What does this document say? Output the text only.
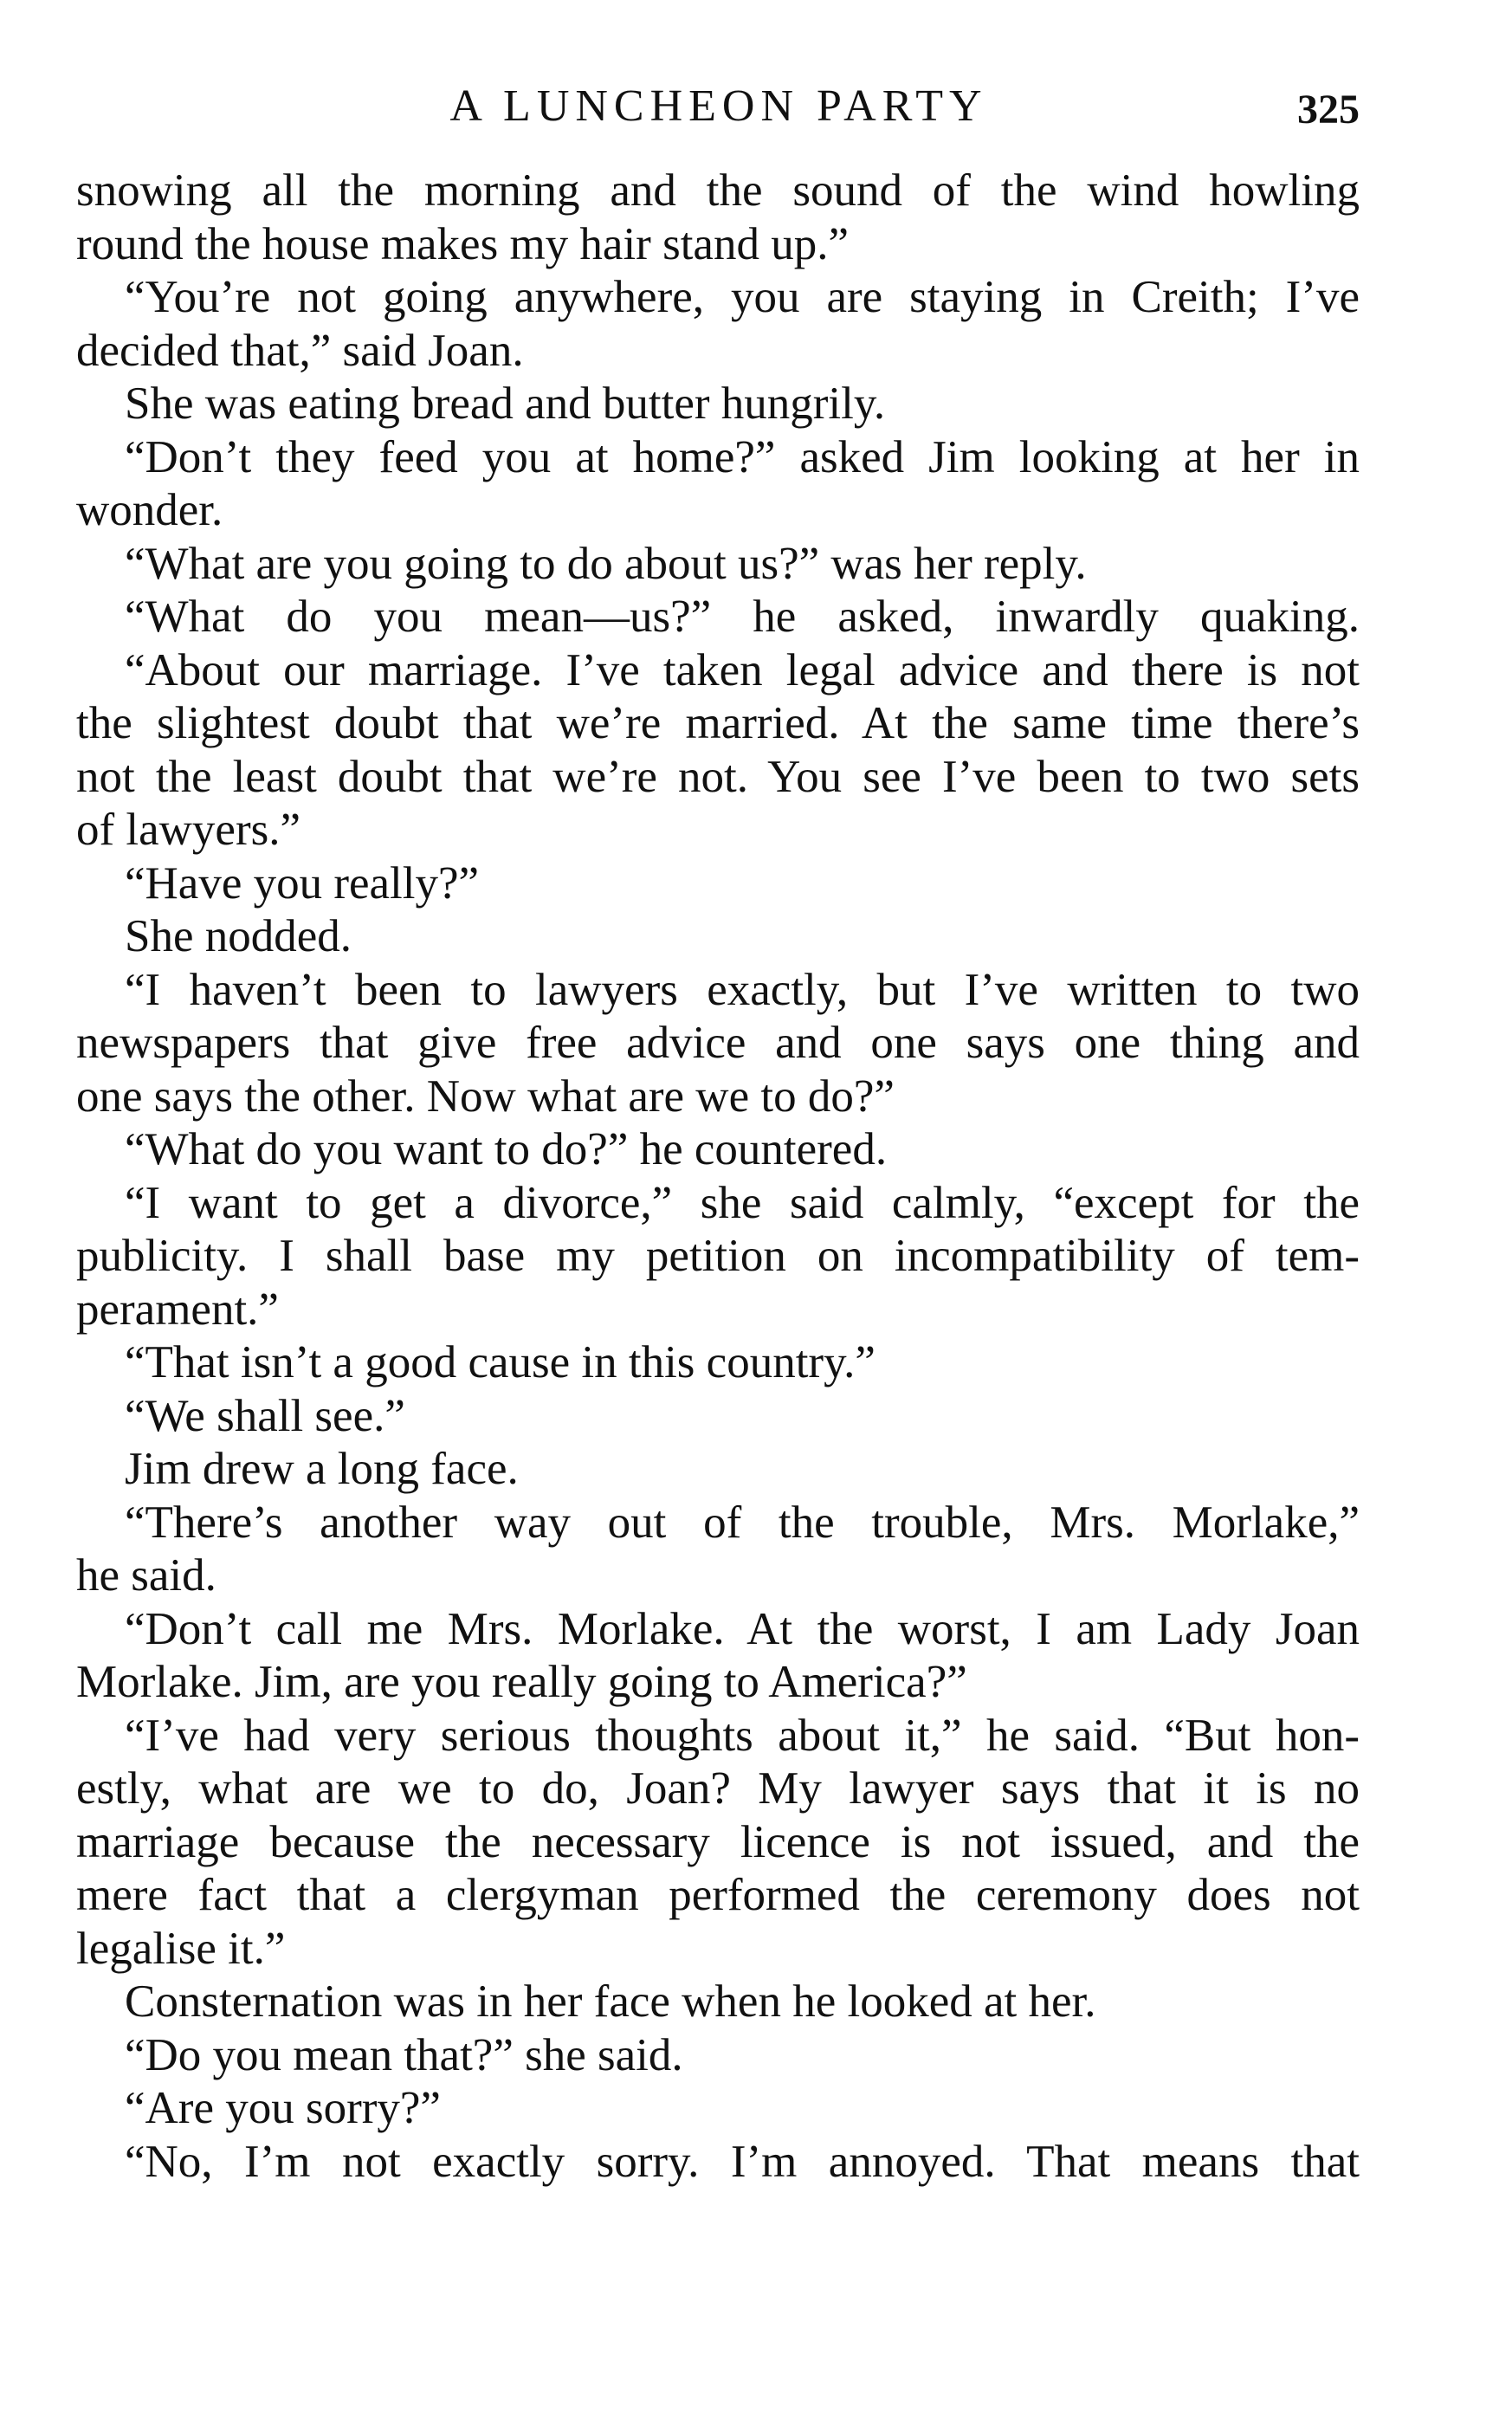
A LUNCHEON PARTY	325
snowing all the morning and the sound of the wind howling
round the house makes my hair stand up.”
“You’re not going anywhere, you are staying in Creith; I’ve
decided that,” said Joan.
She was eating bread and butter hungrily.
“Don’t they feed you at home?” asked Jim looking at her in
wonder.
“What are you going to do about us?” was her reply.
“What do you mean—us?” he asked, inwardly quaking.
“About our marriage. I’ve taken legal advice and there is not
the slightest doubt that we’re married. At the same time there’s
not the least doubt that we’re not. You see I’ve been to two sets
of lawyers.”
“Have you really?”
She nodded.
“I haven’t been to lawyers exactly, but I’ve written to two
newspapers that give free advice and one says one thing and
one says the other. Now what are we to do?”
“What do you want to do?” he countered.
“I want to get a divorce,” she said calmly, “except for the
publicity. I shall base my petition on incompatibility of tem-
perament.”
“That isn’t a good cause in this country.”
“We shall see.”
Jim drew a long face.
“There’s another way out of the trouble, Mrs. Morlake,”
he said.
“Don’t call me Mrs. Morlake. At the worst, I am Lady Joan
Morlake. Jim, are you really going to America?”
“I’ve had very serious thoughts about it,” he said. “But hon-
estly, what are we to do, Joan? My lawyer says that it is no
marriage because the necessary licence is not issued, and the
mere fact that a clergyman performed the ceremony does not
legalise it.”
Consternation was in her face when he looked at her.
“Do you mean that?” she said.
“Are you sorry?”
“No, I’m not exactly sorry. I’m annoyed. That means that
